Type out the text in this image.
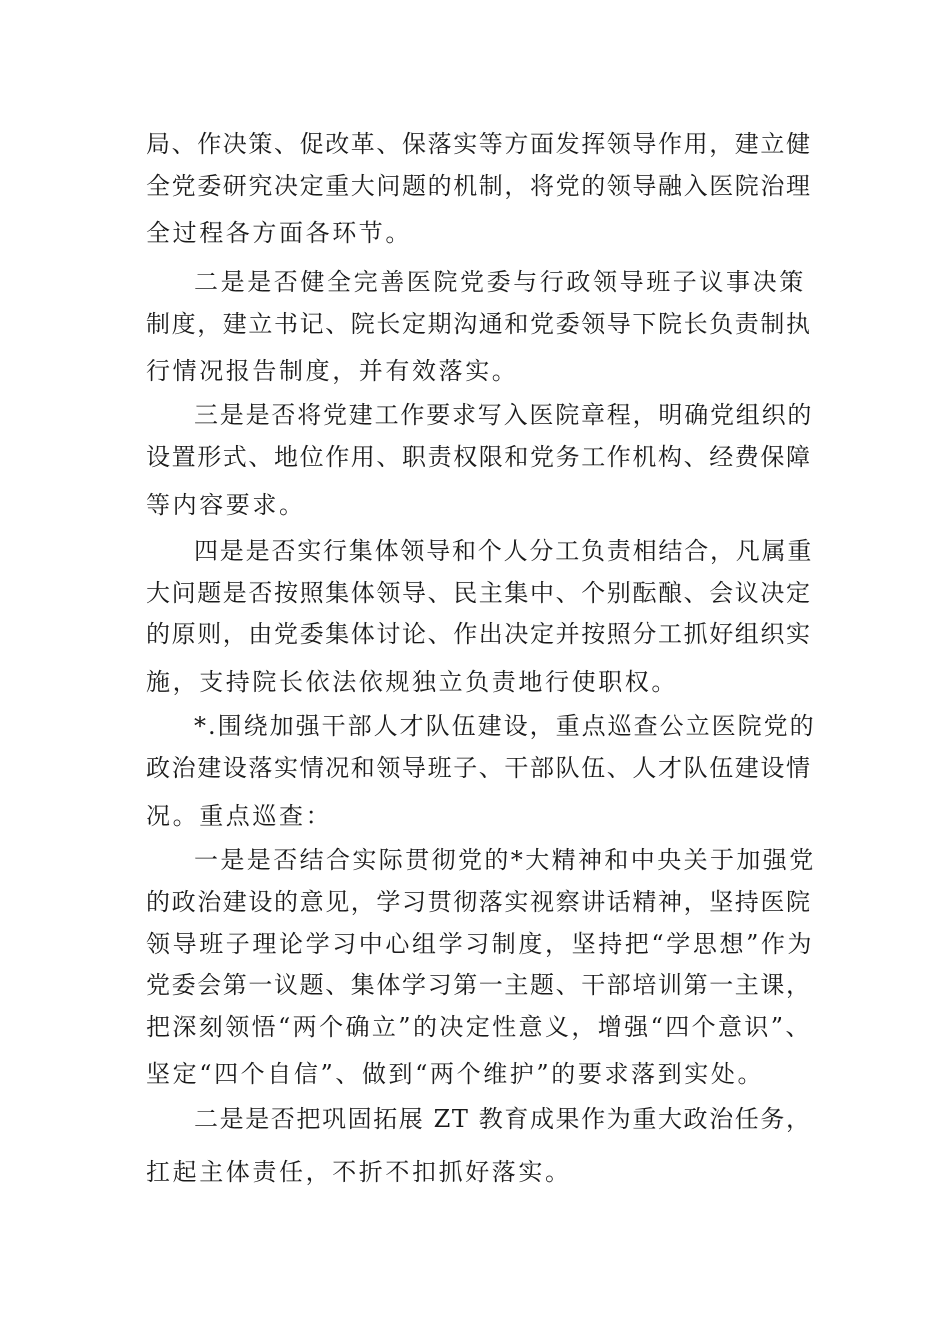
局、作决策、促改革、保落实等方面发挥领导作用，建立健
全党委研究决定重大问题的机制，将党的领导融入医院治理
全过程各方面各环节。
二是是否健全完善医院党委与行政领导班子议事决策
制度，建立书记、院长定期沟通和党委领导下院长负责制执
行情况报告制度，并有效落实。
三是是否将党建工作要求写入医院章程，明确党组织的
设置形式、地位作用、职责权限和党务工作机构、经费保障
等内容要求。
四是是否实行集体领导和个人分工负责相结合，凡属重
大问题是否按照集体领导、民主集中、个别酝酿、会议决定
的原则，由党委集体讨论、作出决定并按照分工抓好组织实
施，支持院长依法依规独立负责地行使职权。
*.围绕加强干部人才队伍建设，重点巡查公立医院党的
政治建设落实情况和领导班子、干部队伍、人才队伍建设情
况。重点巡查：
一是是否结合实际贯彻党的*大精神和中央关于加强党
的政治建设的意见，学习贯彻落实视察讲话精神，坚持医院
领导班子理论学习中心组学习制度，坚持把“学思想”作为
党委会第一议题、集体学习第一主题、干部培训第一主课，
把深刻领悟“两个确立”的决定性意义，增强“四个意识”、
坚定“四个自信”、做到“两个维护”的要求落到实处。
二是是否把巩固拓展 ZT 教育成果作为重大政治任务，
扛起主体责任，不折不扣抓好落实。
